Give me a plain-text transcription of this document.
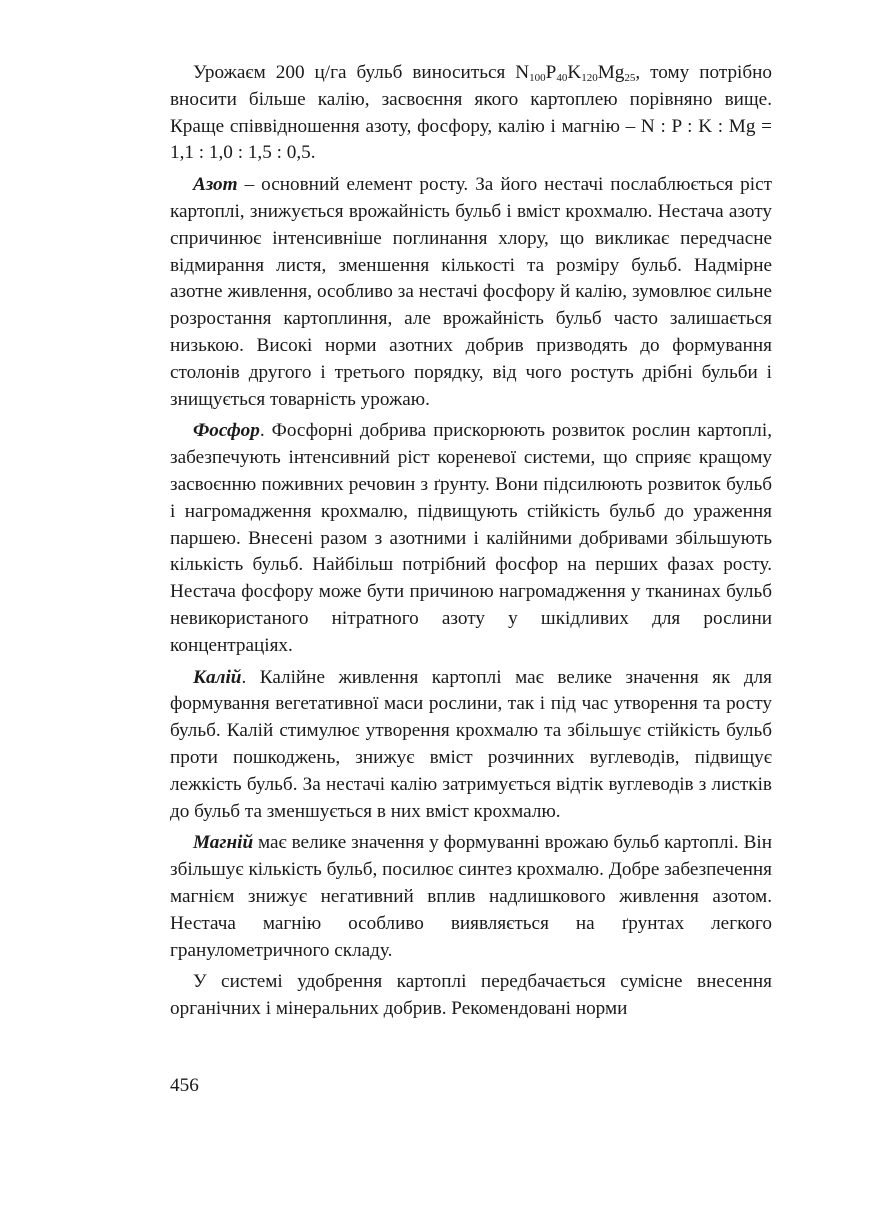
Урожаєм 200 ц/га бульб виноситься $N_{100}P_{40}K_{120}Mg_{25}$, тому потрібно вносити більше калію, засвоєння якого картоплею порівняно вище. Краще співвідношення азоту, фосфору, калію і магнію – N : P : K : Mg = 1,1 : 1,0 : 1,5 : 0,5.

Азот – основний елемент росту. За його нестачі послаблюється ріст картоплі, знижується врожайність бульб і вміст крохмалю. Нестача азоту спричинює інтенсивніше поглинання хлору, що викликає передчасне відмирання листя, зменшення кількості та розміру бульб. Надмірне азотне живлення, особливо за нестачі фосфору й калію, зумовлює сильне розростання картоплиння, але врожайність бульб часто залишається низькою. Високі норми азотних добрив призводять до формування столонів другого і третього порядку, від чого ростуть дрібні бульби і знищується товарність урожаю.

Фосфор. Фосфорні добрива прискорюють розвиток рослин картоплі, забезпечують інтенсивний ріст кореневої системи, що сприяє кращому засвоєнню поживних речовин з ґрунту. Вони підсилюють розвиток бульб і нагромадження крохмалю, підвищують стійкість бульб до ураження паршею. Внесені разом з азотними і калійними добривами збільшують кількість бульб. Найбільш потрібний фосфор на перших фазах росту. Нестача фосфору може бути причиною нагромадження у тканинах бульб невикористаного нітратного азоту у шкідливих для рослини концентраціях.

Калій. Калійне живлення картоплі має велике значення як для формування вегетативної маси рослини, так і під час утворення та росту бульб. Калій стимулює утворення крохмалю та збільшує стійкість бульб проти пошкоджень, знижує вміст розчинних вуглеводів, підвищує лежкість бульб. За нестачі калію затримується відтік вуглеводів з листків до бульб та зменшується в них вміст крохмалю.

Магній має велике значення у формуванні врожаю бульб картоплі. Він збільшує кількість бульб, посилює синтез крохмалю. Добре забезпечення магнієм знижує негативний вплив надлишкового живлення азотом. Нестача магнію особливо виявляється на ґрунтах легкого гранулометричного складу.

У системі удобрення картоплі передбачається сумісне внесення органічних і мінеральних добрив. Рекомендовані норми

456
